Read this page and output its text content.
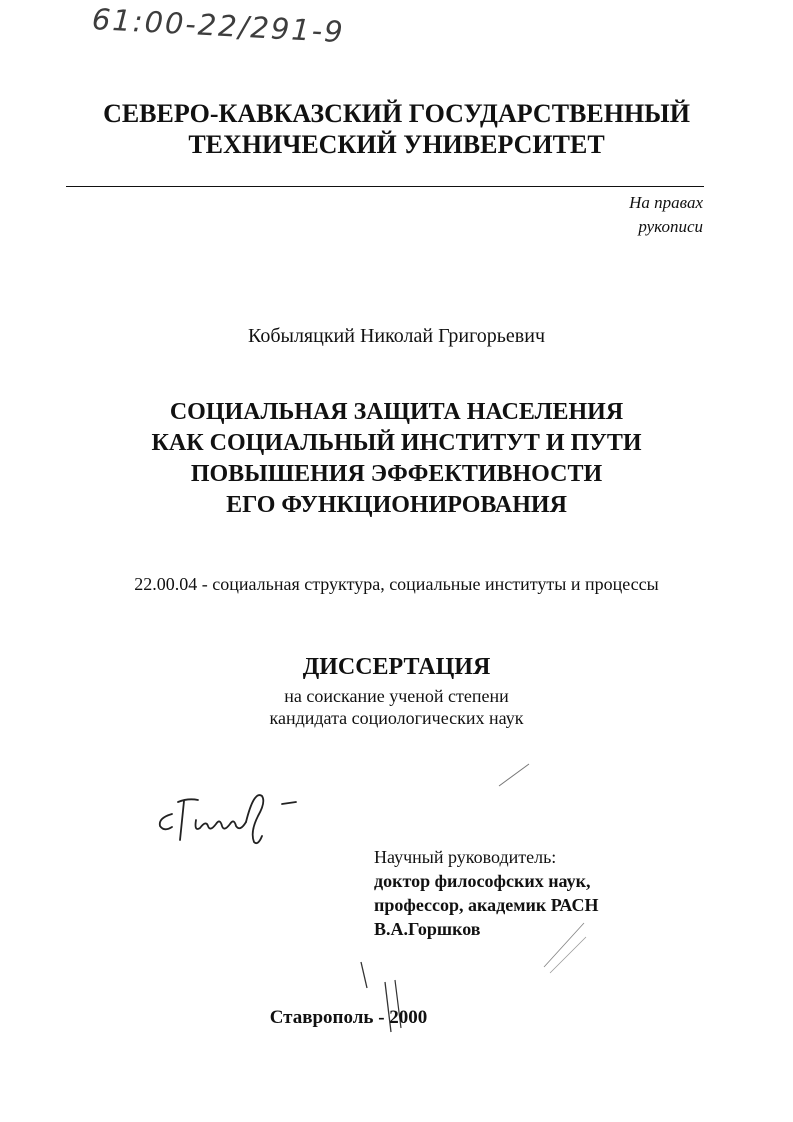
61:00-22/291-9
СЕВЕРО-КАВКАЗСКИЙ ГОСУДАРСТВЕННЫЙ
ТЕХНИЧЕСКИЙ УНИВЕРСИТЕТ
На правах
рукописи
Кобыляцкий Николай Григорьевич
СОЦИАЛЬНАЯ ЗАЩИТА НАСЕЛЕНИЯ
КАК СОЦИАЛЬНЫЙ ИНСТИТУТ И ПУТИ
ПОВЫШЕНИЯ ЭФФЕКТИВНОСТИ
ЕГО ФУНКЦИОНИРОВАНИЯ
22.00.04 - социальная структура, социальные институты и процессы
ДИССЕРТАЦИЯ
на соискание ученой степени
кандидата социологических наук
Научный руководитель:
доктор философских наук,
профессор, академик РАСН
В.А.Горшков
Ставрополь - 2000
